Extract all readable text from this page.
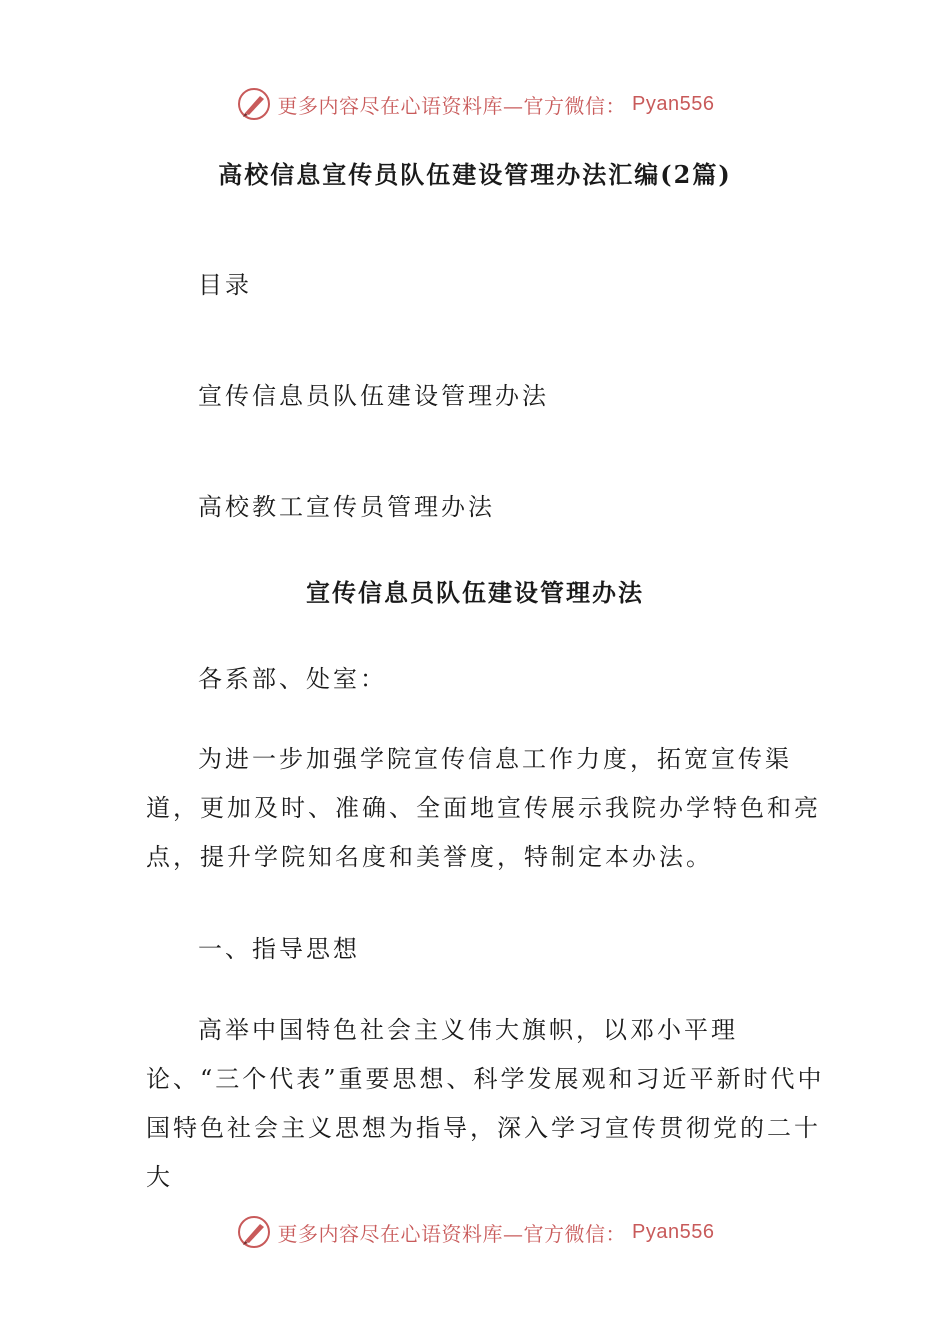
更多内容尽在心语资料库—官方微信： Pyan556
高校信息宣传员队伍建设管理办法汇编(2篇)
目录
宣传信息员队伍建设管理办法
高校教工宣传员管理办法
宣传信息员队伍建设管理办法
各系部、处室：
为进一步加强学院宣传信息工作力度，拓宽宣传渠道，更加及时、准确、全面地宣传展示我院办学特色和亮点，提升学院知名度和美誉度，特制定本办法。
一、指导思想
高举中国特色社会主义伟大旗帜，以邓小平理论、“三个代表”重要思想、科学发展观和习近平新时代中国特色社会主义思想为指导，深入学习宣传贯彻党的二十大
更多内容尽在心语资料库—官方微信： Pyan556
